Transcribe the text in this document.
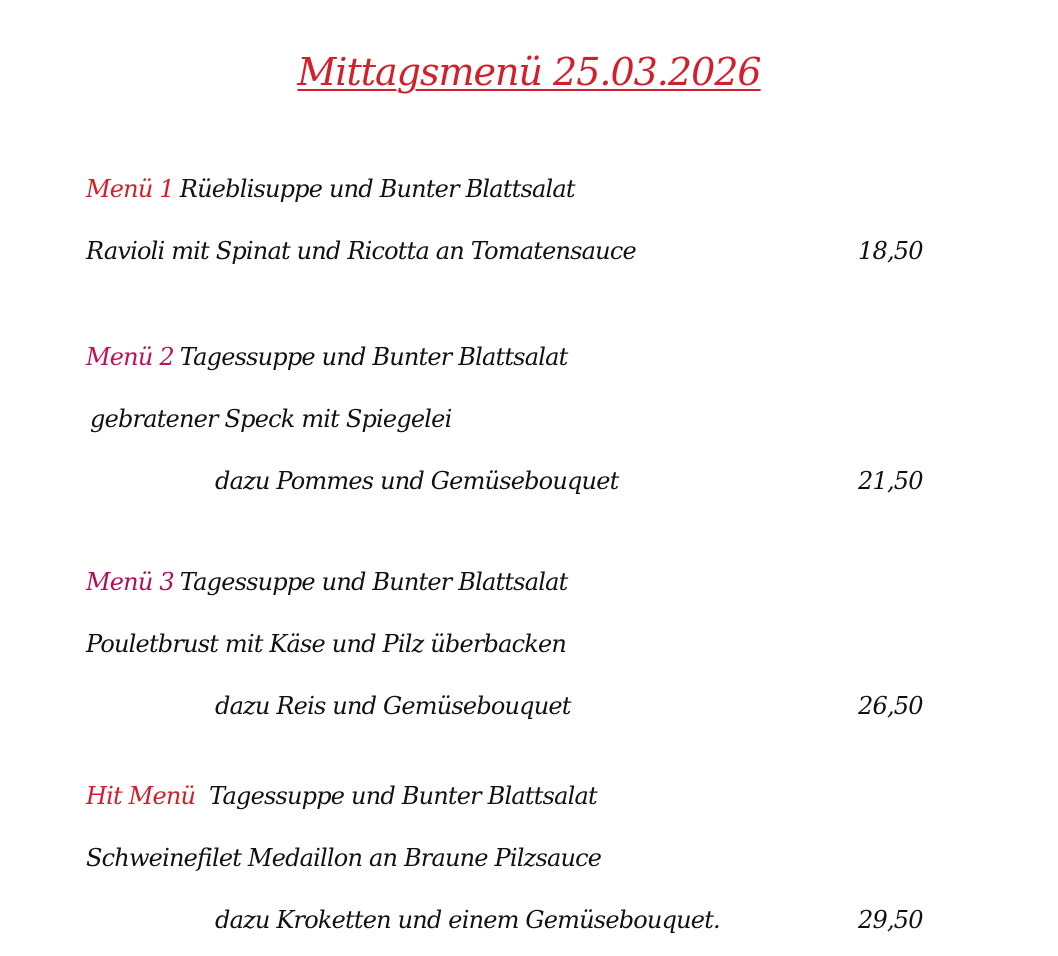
Mittagsmenü 25.03.2026
Menü 1 Rüeblisuppe und Bunter Blattsalat
Ravioli mit Spinat und Ricotta an Tomatensauce	18,50
Menü 2 Tagessuppe und Bunter Blattsalat
gebratener Speck mit Spiegelei
dazu Pommes und Gemüsebouquet	21,50
Menü 3 Tagessuppe und Bunter Blattsalat
Pouletbrust mit Käse und Pilz überbacken
dazu Reis und Gemüsebouquet	26,50
Hit Menü Tagessuppe und Bunter Blattsalat
Schweinefilet Medaillon an Braune Pilzsauce
dazu Kroketten und einem Gemüsebouquet.	29,50
